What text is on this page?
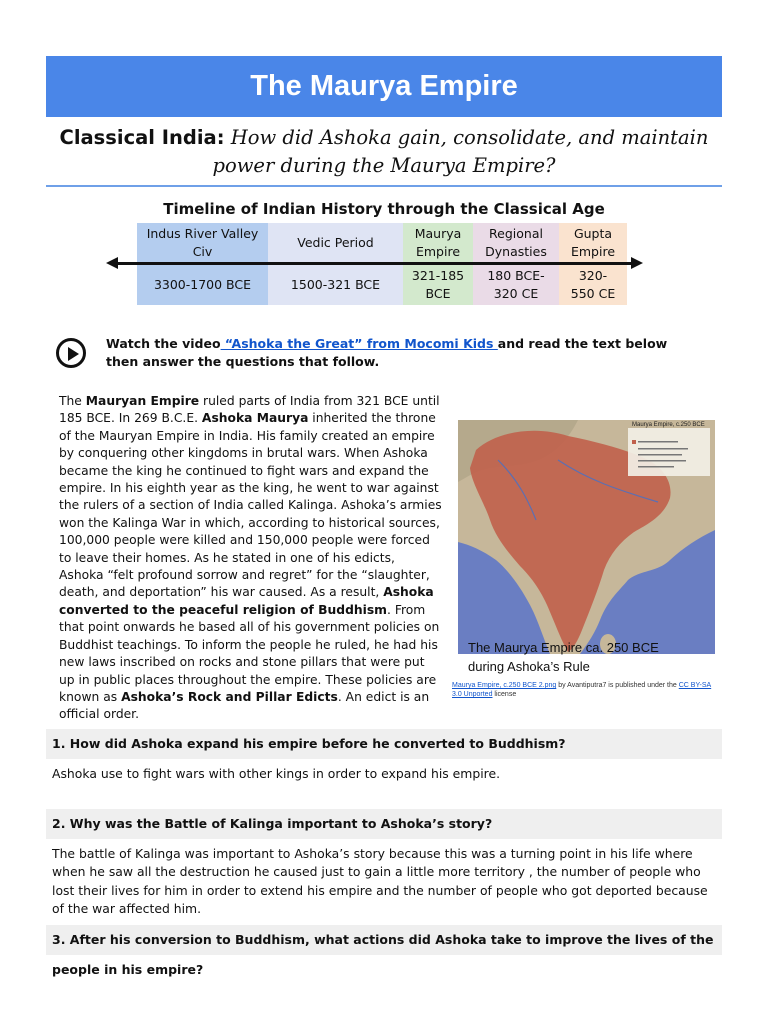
The Maurya Empire
Classical India: How did Ashoka gain, consolidate, and maintain power during the Maurya Empire?
Timeline of Indian History through the Classical Age
Indus River Valley Civ
Vedic Period
Maurya Empire
Regional Dynasties
Gupta Empire
3300-1700 BCE	1500-321 BCE
321-185 BCE
180 BCE-320 CE
320-550 CE
Watch the video “Ashoka the Great” from Mocomi Kids and read the text below then answer the questions that follow.
The Mauryan Empire ruled parts of India from 321 BCE until 185 BCE. In 269 B.C.E. Ashoka Maurya inherited the throne of the Mauryan Empire in India. His family created an empire by conquering other kingdoms in brutal wars. When Ashoka became the king he continued to fight wars and expand the empire. In his eighth year as the king, he went to war against the rulers of a section of India called Kalinga. Ashoka’s armies won the Kalinga War in which, according to historical sources, 100,000 people were killed and 150,000 people were forced to leave their homes. As he stated in one of his edicts, Ashoka “felt profound sorrow and regret” for the “slaughter, death, and deportation” his war caused. As a result, Ashoka converted to the peaceful religion of Buddhism. From that point onwards he based all of his government policies on Buddhist teachings. To inform the people he ruled, he had his new laws inscribed on rocks and stone pillars that were put up in public places throughout the empire. These policies are known as Ashoka’s Rock and Pillar Edicts. An edict is an official order.
Maurya Empire, c.250 BCE
The Maurya Empire ca. 250 BCE
during Ashoka’s Rule
Maurya Empire, c.250 BCE 2.png by Avantiputra7 is published under the CC BY-SA 3.0 Unported license
1. How did Ashoka expand his empire before he converted to Buddhism?
Ashoka use to fight wars with other kings in order to expand his empire.
2. Why was the Battle of Kalinga important to Ashoka’s story?
The battle of Kalinga was important to Ashoka’s story because this was a turning point in his life where when he saw all the destruction he caused just to gain a little more territory , the number of people who lost their lives for him in order to extend his empire and the number of people who got deported because of the war affected him.
3. After his conversion to Buddhism, what actions did Ashoka take to improve the lives of the people in his empire?
